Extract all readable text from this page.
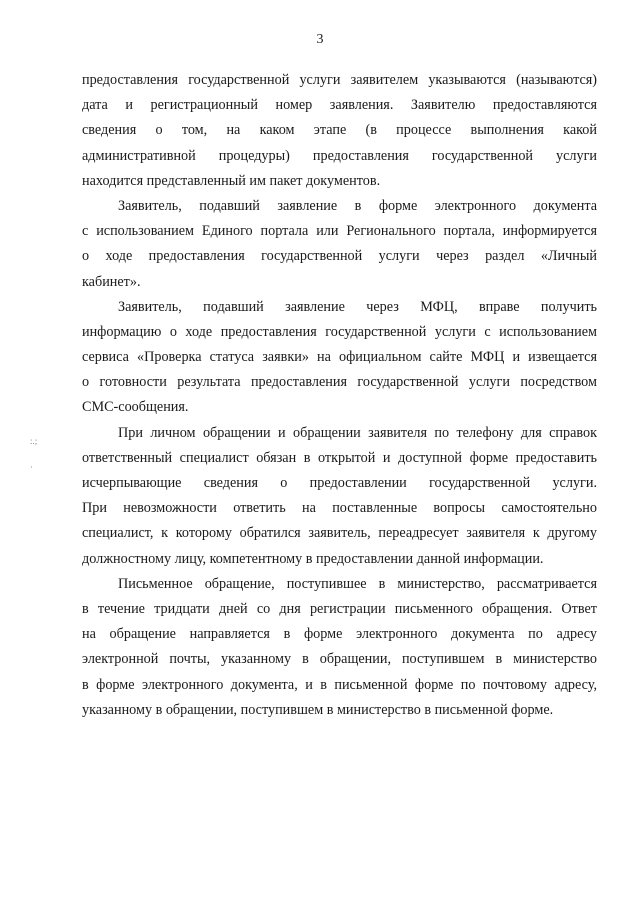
3
:.;
·
предоставления государственной услуги заявителем указываются (называются)
дата и регистрационный номер заявления. Заявителю предоставляются
сведения о том, на каком этапе (в процессе выполнения какой
административной процедуры) предоставления государственной услуги
находится представленный им пакет документов.
Заявитель, подавший заявление в форме электронного документа
с использованием Единого портала или Регионального портала, информируется
о ходе предоставления государственной услуги через раздел «Личный
кабинет».
Заявитель, подавший заявление через МФЦ, вправе получить
информацию о ходе предоставления государственной услуги с использованием
сервиса «Проверка статуса заявки» на официальном сайте МФЦ и извещается
о готовности результата предоставления государственной услуги посредством
СМС-сообщения.
При личном обращении и обращении заявителя по телефону для справок
ответственный специалист обязан в открытой и доступной форме предоставить
исчерпывающие сведения о предоставлении государственной услуги.
При невозможности ответить на поставленные вопросы самостоятельно
специалист, к которому обратился заявитель, переадресует заявителя к другому
должностному лицу, компетентному в предоставлении данной информации.
Письменное обращение, поступившее в министерство, рассматривается
в течение тридцати дней со дня регистрации письменного обращения. Ответ
на обращение направляется в форме электронного документа по адресу
электронной почты, указанному в обращении, поступившем в министерство
в форме электронного документа, и в письменной форме по почтовому адресу,
указанному в обращении, поступившем в министерство в письменной форме.
